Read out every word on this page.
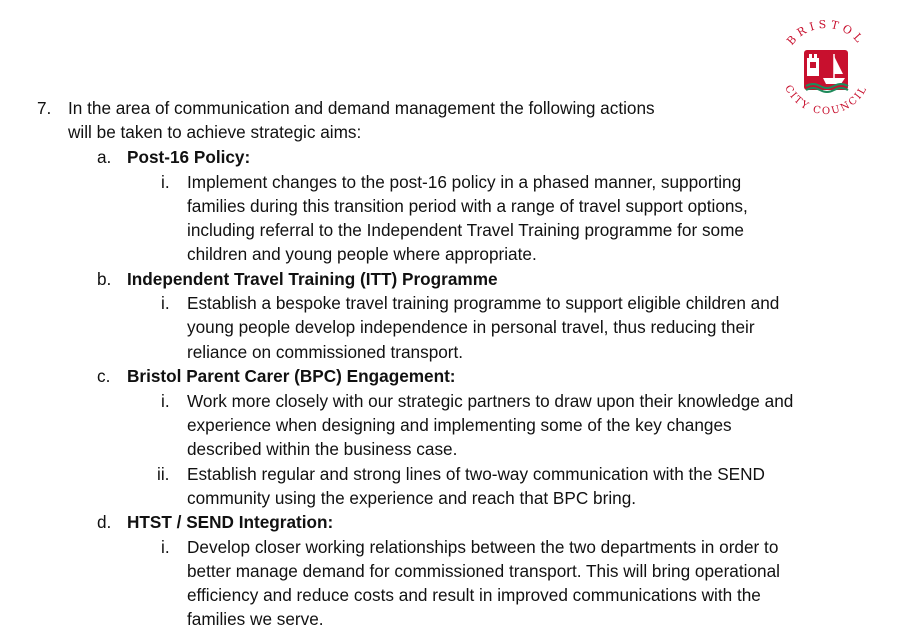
BRISTOL
CITY COUNCIL
7. In the area of communication and demand management the following actions
will be taken to achieve strategic aims:
a. Post-16 Policy:
i. Implement changes to the post-16 policy in a phased manner, supporting
families during this transition period with a range of travel support options,
including referral to the Independent Travel Training programme for some
children and young people where appropriate.
b. Independent Travel Training (ITT) Programme
i. Establish a bespoke travel training programme to support eligible children and
young people develop independence in personal travel, thus reducing their
reliance on commissioned transport.
c. Bristol Parent Carer (BPC) Engagement:
i. Work more closely with our strategic partners to draw upon their knowledge and
experience when designing and implementing some of the key changes
described within the business case.
ii. Establish regular and strong lines of two-way communication with the SEND
community using the experience and reach that BPC bring.
d. HTST / SEND Integration:
i. Develop closer working relationships between the two departments in order to
better manage demand for commissioned transport. This will bring operational
efficiency and reduce costs and result in improved communications with the
families we serve.
